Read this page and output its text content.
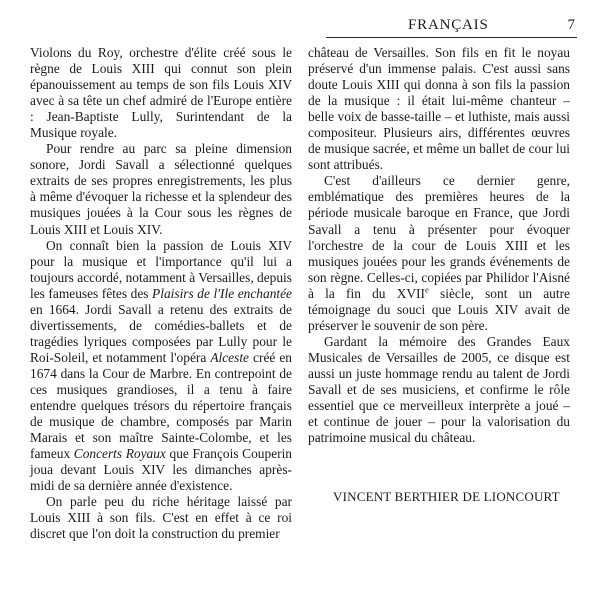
FRANÇAIS	7

Violons du Roy, orchestre d'élite créé sous le règne de Louis XIII qui connut son plein épanouissement au temps de son fils Louis XIV avec à sa tête un chef admiré de l'Europe entière : Jean-Baptiste Lully, Surintendant de la Musique royale.

Pour rendre au parc sa pleine dimension sonore, Jordi Savall a sélectionné quelques extraits de ses propres enregistrements, les plus à même d'évoquer la richesse et la splendeur des musiques jouées à la Cour sous les règnes de Louis XIII et Louis XIV.

On connaît bien la passion de Louis XIV pour la musique et l'importance qu'il lui a toujours accordé, notamment à Versailles, depuis les fameuses fêtes des Plaisirs de l'Ile enchantée en 1664. Jordi Savall a retenu des extraits de divertissements, de comédies-ballets et de tragédies lyriques composées par Lully pour le Roi-Soleil, et notamment l'opéra Alceste créé en 1674 dans la Cour de Marbre. En contrepoint de ces musiques grandioses, il a tenu à faire entendre quelques trésors du répertoire français de musique de chambre, composés par Marin Marais et son maître Sainte-Colombe, et les fameux Concerts Royaux que François Couperin joua devant Louis XIV les dimanches après-midi de sa dernière année d'existence.

On parle peu du riche héritage laissé par Louis XIII à son fils. C'est en effet à ce roi discret que l'on doit la construction du premier

château de Versailles. Son fils en fit le noyau préservé d'un immense palais. C'est aussi sans doute Louis XIII qui donna à son fils la passion de la musique : il était lui-même chanteur – belle voix de basse-taille – et luthiste, mais aussi compositeur. Plusieurs airs, différentes œuvres de musique sacrée, et même un ballet de cour lui sont attribués.

C'est d'ailleurs ce dernier genre, emblématique des premières heures de la période musicale baroque en France, que Jordi Savall a tenu à présenter pour évoquer l'orchestre de la cour de Louis XIII et les musiques jouées pour les grands événements de son règne. Celles-ci, copiées par Philidor l'Aisné à la fin du XVIIe siècle, sont un autre témoignage du souci que Louis XIV avait de préserver le souvenir de son père.

Gardant la mémoire des Grandes Eaux Musicales de Versailles de 2005, ce disque est aussi un juste hommage rendu au talent de Jordi Savall et de ses musiciens, et confirme le rôle essentiel que ce merveilleux interprète a joué – et continue de jouer – pour la valorisation du patrimoine musical du château.

VINCENT BERTHIER DE LIONCOURT
